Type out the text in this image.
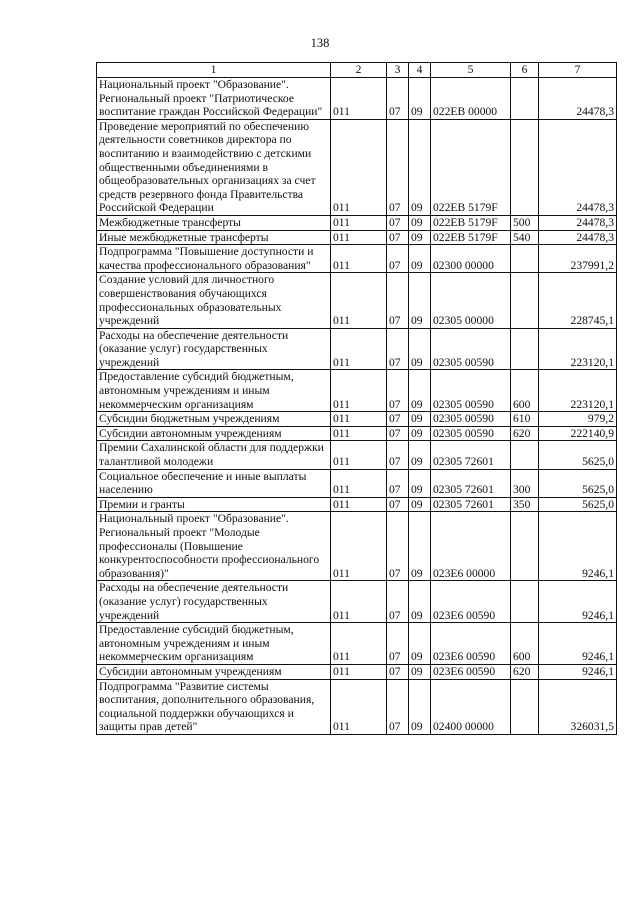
138
1	2	3	4	5	6	7
Национальный проект "Образование". Региональный проект "Патриотическое воспитание граждан Российской Федерации"	011	07	09	022EВ 00000		24478,3
Проведение мероприятий по обеспечению деятельности советников директора по воспитанию и взаимодействию с детскими общественными объединениями в общеобразовательных организациях за счет средств резервного фонда Правительства Российской Федерации	011	07	09	022EВ 5179F		24478,3
Межбюджетные трансферты	011	07	09	022EВ 5179F	500	24478,3
Иные межбюджетные трансферты	011	07	09	022EВ 5179F	540	24478,3
Подпрограмма "Повышение доступности и качества профессионального образования"	011	07	09	02300 00000		237991,2
Создание условий для личностного совершенствования обучающихся профессиональных образовательных учреждений	011	07	09	02305 00000		228745,1
Расходы на обеспечение деятельности (оказание услуг) государственных учреждений	011	07	09	02305 00590		223120,1
Предоставление субсидий бюджетным, автономным учреждениям и иным некоммерческим организациям	011	07	09	02305 00590	600	223120,1
Субсидии бюджетным учреждениям	011	07	09	02305 00590	610	979,2
Субсидии автономным учреждениям	011	07	09	02305 00590	620	222140,9
Премии Сахалинской области для поддержки талантливой молодежи	011	07	09	02305 72601		5625,0
Социальное обеспечение и иные выплаты населению	011	07	09	02305 72601	300	5625,0
Премии и гранты	011	07	09	02305 72601	350	5625,0
Национальный проект "Образование". Региональный проект "Молодые профессионалы (Повышение конкурентоспособности профессионального образования)"	011	07	09	023E6 00000		9246,1
Расходы на обеспечение деятельности (оказание услуг) государственных учреждений	011	07	09	023E6 00590		9246,1
Предоставление субсидий бюджетным, автономным учреждениям и иным некоммерческим организациям	011	07	09	023E6 00590	600	9246,1
Субсидии автономным учреждениям	011	07	09	023E6 00590	620	9246,1
Подпрограмма "Развитие системы воспитания, дополнительного образования, социальной поддержки обучающихся и защиты прав детей"	011	07	09	02400 00000		326031,5
